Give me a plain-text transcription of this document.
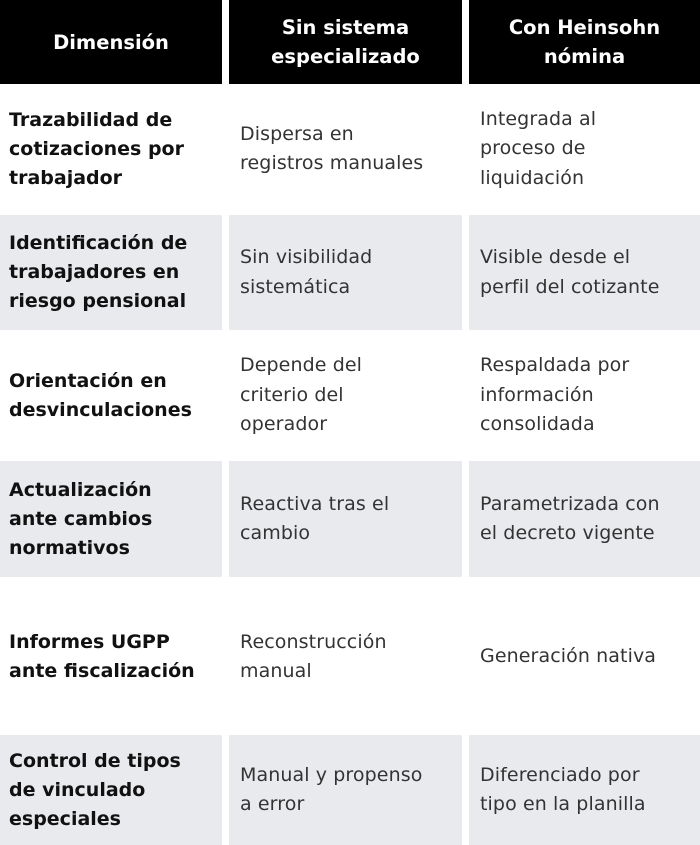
Dimensión
Sin sistema
especializado
Con Heinsohn
nómina
Trazabilidad de
cotizaciones por
trabajador
Dispersa en
registros manuales
Integrada al
proceso de
liquidación
Identificación de
trabajadores en
riesgo pensional
Sin visibilidad
sistemática
Visible desde el
perfil del cotizante
Orientación en
desvinculaciones
Depende del
criterio del
operador
Respaldada por
información
consolidada
Actualización
ante cambios
normativos
Reactiva tras el
cambio
Parametrizada con
el decreto vigente
Informes UGPP
ante fiscalización
Reconstrucción
manual
Generación nativa
Control de tipos
de vinculado
especiales
Manual y propenso
a error
Diferenciado por
tipo en la planilla
